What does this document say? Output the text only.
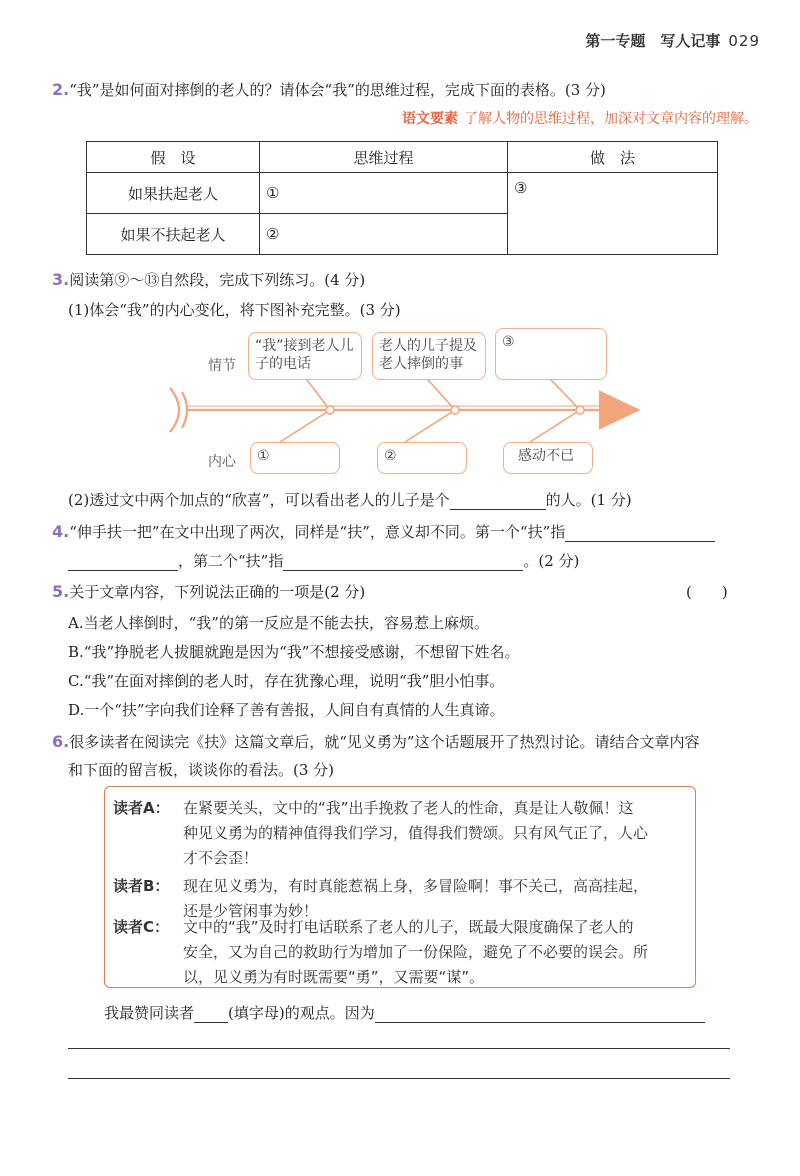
第一专题　写人记事 029
2.“我”是如何面对摔倒的老人的？请体会“我”的思维过程，完成下面的表格。(3 分)
语文要素 了解人物的思维过程，加深对文章内容的理解。
假　设	思维过程	做　法
如果扶起老人	①	③
如果不扶起老人	②	
3.阅读第⑨～⑬自然段，完成下列练习。(4 分)
(1)体会“我”的内心变化，将下图补充完整。(3 分)
情节
内心
“我”接到老人儿子的电话
老人的儿子提及老人摔倒的事
③
①	②	感动不已
(2)透过文中两个加点的“欣喜”，可以看出老人的儿子是个	的人。(1 分)
4.“伸手扶一把”在文中出现了两次，同样是“扶”，意义却不同。第一个“扶”指
，第二个“扶”指	。(2 分)
5.关于文章内容，下列说法正确的一项是(2 分)	(　　)
A.当老人摔倒时，“我”的第一反应是不能去扶，容易惹上麻烦。
B.“我”挣脱老人拔腿就跑是因为“我”不想接受感谢，不想留下姓名。
C.“我”在面对摔倒的老人时，存在犹豫心理，说明“我”胆小怕事。
D.一个“扶”字向我们诠释了善有善报，人间自有真情的人生真谛。
6.很多读者在阅读完《扶》这篇文章后，就“见义勇为”这个话题展开了热烈讨论。请结合文章内容
和下面的留言板，谈谈你的看法。(3 分)
读者A： 在紧要关头，文中的“我”出手挽救了老人的性命，真是让人敬佩！这
种见义勇为的精神值得我们学习，值得我们赞颂。只有风气正了，人心
才不会歪！
读者B： 现在见义勇为，有时真能惹祸上身，多冒险啊！事不关己，高高挂起，
还是少管闲事为妙！
读者C： 文中的“我”及时打电话联系了老人的儿子，既最大限度确保了老人的
安全，又为自己的救助行为增加了一份保险，避免了不必要的误会。所
以，见义勇为有时既需要“勇”，又需要“谋”。
我最赞同读者 (填字母)的观点。因为
